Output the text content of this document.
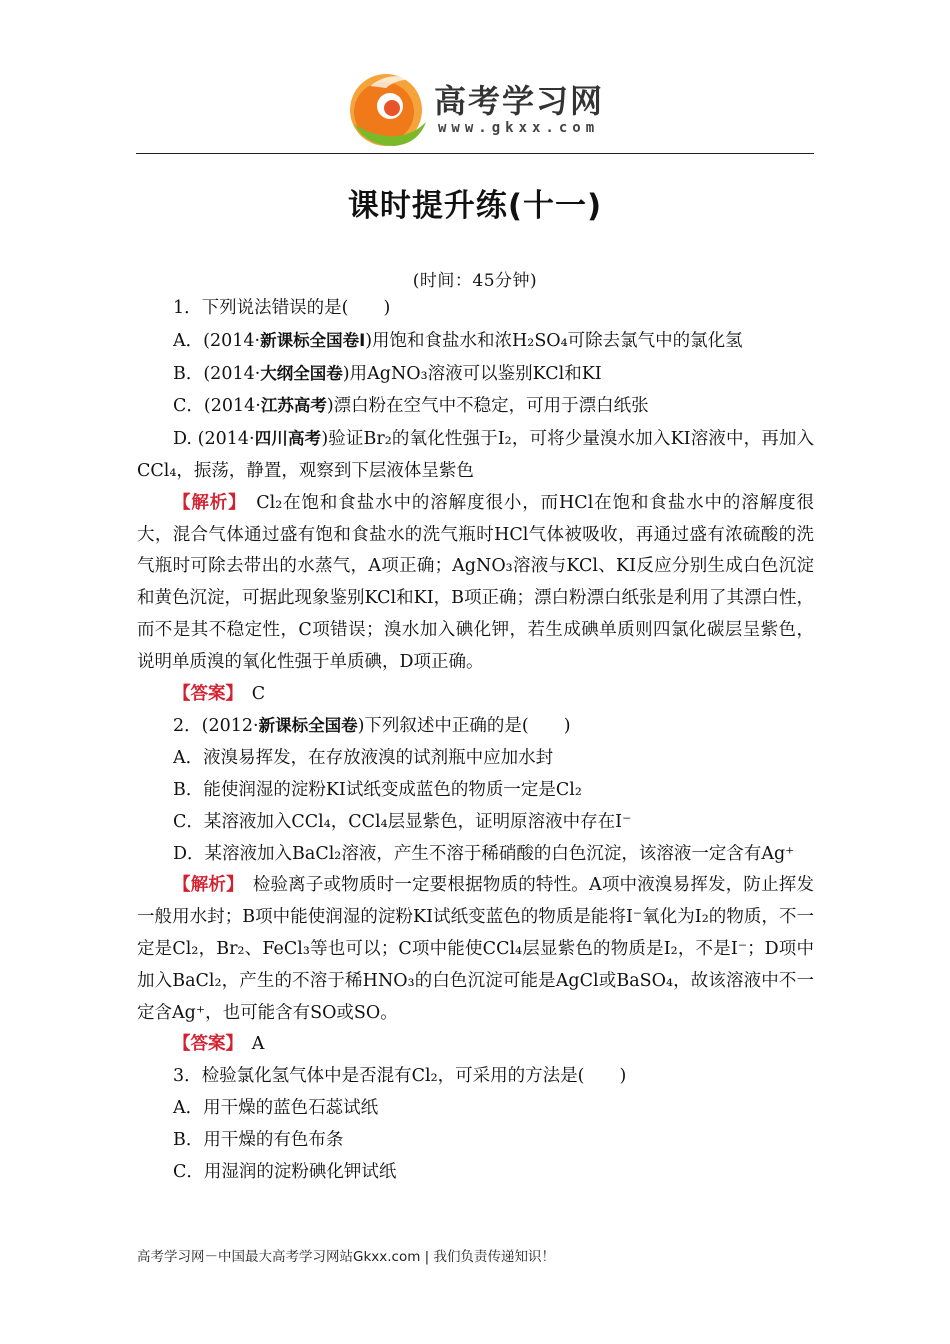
高考学习网
www.gkxx.com
课时提升练(十一)
(时间：45分钟)

1．下列说法错误的是(　　)

A．(2014·新课标全国卷Ⅰ)用饱和食盐水和浓H₂SO₄可除去氯气中的氯化氢

B．(2014·大纲全国卷)用AgNO₃溶液可以鉴别KCl和KI

C．(2014·江苏高考)漂白粉在空气中不稳定，可用于漂白纸张

D. (2014·四川高考)验证Br₂的氧化性强于I₂，可将少量溴水加入KI溶液中，再加入CCl₄，振荡，静置，观察到下层液体呈紫色

【解析】　 Cl₂在饱和食盐水中的溶解度很小，而HCl在饱和食盐水中的溶解度很大，混合气体通过盛有饱和食盐水的洗气瓶时HCl气体被吸收，再通过盛有浓硫酸的洗气瓶时可除去带出的水蒸气，A项正确；AgNO₃溶液与KCl、KI反应分别生成白色沉淀和黄色沉淀，可据此现象鉴别KCl和KI，B项正确；漂白粉漂白纸张是利用了其漂白性，而不是其不稳定性，C项错误；溴水加入碘化钾，若生成碘单质则四氯化碳层呈紫色，说明单质溴的氧化性强于单质碘，D项正确。

【答案】　 C

2．(2012·新课标全国卷)下列叙述中正确的是(　　)

A．液溴易挥发，在存放液溴的试剂瓶中应加水封

B．能使润湿的淀粉KI试纸变成蓝色的物质一定是Cl₂

C．某溶液加入CCl₄，CCl₄层显紫色，证明原溶液中存在I⁻

D．某溶液加入BaCl₂溶液，产生不溶于稀硝酸的白色沉淀，该溶液一定含有Ag⁺

【解析】　 检验离子或物质时一定要根据物质的特性。A项中液溴易挥发，防止挥发一般用水封；B项中能使润湿的淀粉KI试纸变蓝色的物质是能将I⁻氧化为I₂的物质，不一定是Cl₂，Br₂、FeCl₃等也可以；C项中能使CCl₄层显紫色的物质是I₂，不是I⁻；D项中加入BaCl₂，产生的不溶于稀HNO₃的白色沉淀可能是AgCl或BaSO₄，故该溶液中不一定含Ag⁺，也可能含有SO或SO。

【答案】　 A

3．检验氯化氢气体中是否混有Cl₂，可采用的方法是(　　)

A．用干燥的蓝色石蕊试纸

B．用干燥的有色布条

C．用湿润的淀粉碘化钾试纸

高考学习网－中国最大高考学习网站Gkxx.com | 我们负责传递知识！
